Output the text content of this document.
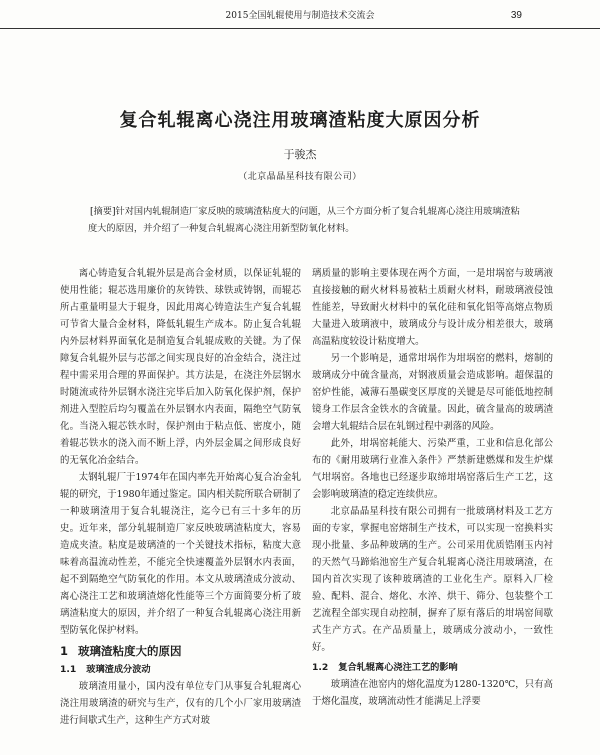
2015全国轧辊使用与制造技术交流会	39
复合轧辊离心浇注用玻璃渣粘度大原因分析
于骏杰
（北京晶晶星科技有限公司）
[摘要]针对国内轧辊制造厂家反映的玻璃渣粘度大的问题，从三个方面分析了复合轧辊离心浇注用玻璃渣粘度大的原因，并介绍了一种复合轧辊离心浇注用新型防氧化材料。

离心铸造复合轧辊外层是高合金材质，以保证轧辊的使用性能；辊芯选用廉价的灰铸铁、球铁或铸钢，而辊芯所占重量明显大于辊身，因此用离心铸造法生产复合轧辊可节省大量合金材料，降低轧辊生产成本。防止复合轧辊内外层材料界面氧化是制造复合轧辊成败的关键。为了保障复合轧辊外层与芯部之间实现良好的冶金结合，浇注过程中需采用合理的界面保护。其方法是，在浇注外层钢水时随流或待外层钢水浇注完毕后加入防氧化保护剂，保护剂进入型腔后均匀覆盖在外层钢水内表面，隔绝空气防氧化。当浇入辊芯铁水时，保护剂由于粘点低、密度小，随着辊芯铁水的浇入而不断上浮，内外层金属之间形成良好的无氧化冶金结合。

太钢轧辊厂于1974年在国内率先开始离心复合冶金轧辊的研究，于1980年通过鉴定。国内相关院所联合研制了一种玻璃渣用于复合轧辊浇注，迄今已有三十多年的历史。近年来，部分轧辊制造厂家反映玻璃渣粘度大，容易造成夹渣。粘度是玻璃渣的一个关键技术指标，粘度大意味着高温流动性差，不能完全快速覆盖外层钢水内表面，起不到隔绝空气防氧化的作用。本文从玻璃渣成分波动、离心浇注工艺和玻璃渣熔化性能等三个方面简要分析了玻璃渣粘度大的原因，并介绍了一种复合轧辊离心浇注用新型防氧化保护材料。

1 玻璃渣粘度大的原因
1.1 玻璃渣成分波动

玻璃渣用量小，国内没有单位专门从事复合轧辊离心浇注用玻璃渣的研究与生产，仅有的几个小厂家用玻璃渣进行间歇式生产，这种生产方式对玻

璃质量的影响主要体现在两个方面，一是坩埚窑与玻璃液直接接触的耐火材料易被粘土质耐火材料，耐玻璃液侵蚀性能差，导致耐火材料中的氧化硅和氧化铝等高熔点物质大量进入玻璃液中，玻璃成分与设计成分相差很大，玻璃高温粘度较设计粘度增大。

另一个影响是，通常坩埚作为坩埚窑的燃料，熔制的玻璃成分中硫含量高，对钢液质量会造成影响。超保温的窑炉性能，减薄石墨碳变区厚度的关键是尽可能低地控制镜身工作层含金铁水的含硫量。因此，硫含量高的玻璃渣会增大轧辊结合层在轧钢过程中剥落的风险。

此外，坩埚窑耗能大、污染严重，工业和信息化部公布的《耐用玻璃行业准入条件》严禁新建燃煤和发生炉煤气坩埚窑。各地也已经逐步取缔坩埚窑落后生产工艺，这会影响玻璃渣的稳定连续供应。

北京晶晶星科技有限公司拥有一批玻璃材料及工艺方面的专家，掌握电窑熔制生产技术，可以实现一窑换料实现小批量、多品种玻璃的生产。公司采用优质锆刚玉内衬的天然气马蹄焰池窑生产复合轧辊离心浇注用玻璃渣，在国内首次实现了该种玻璃渣的工业化生产。原料入厂检验、配料、混合、熔化、水淬、烘干、筛分、包装整个工艺流程全部实现自动控制，摒弃了原有落后的坩埚窑间歇式生产方式。在产品质量上，玻璃成分波动小，一致性好。

1.2 复合轧辊离心浇注工艺的影响

玻璃渣在池窑内的熔化温度为1280-1320℃，只有高于熔化温度，玻璃流动性才能满足上浮要
